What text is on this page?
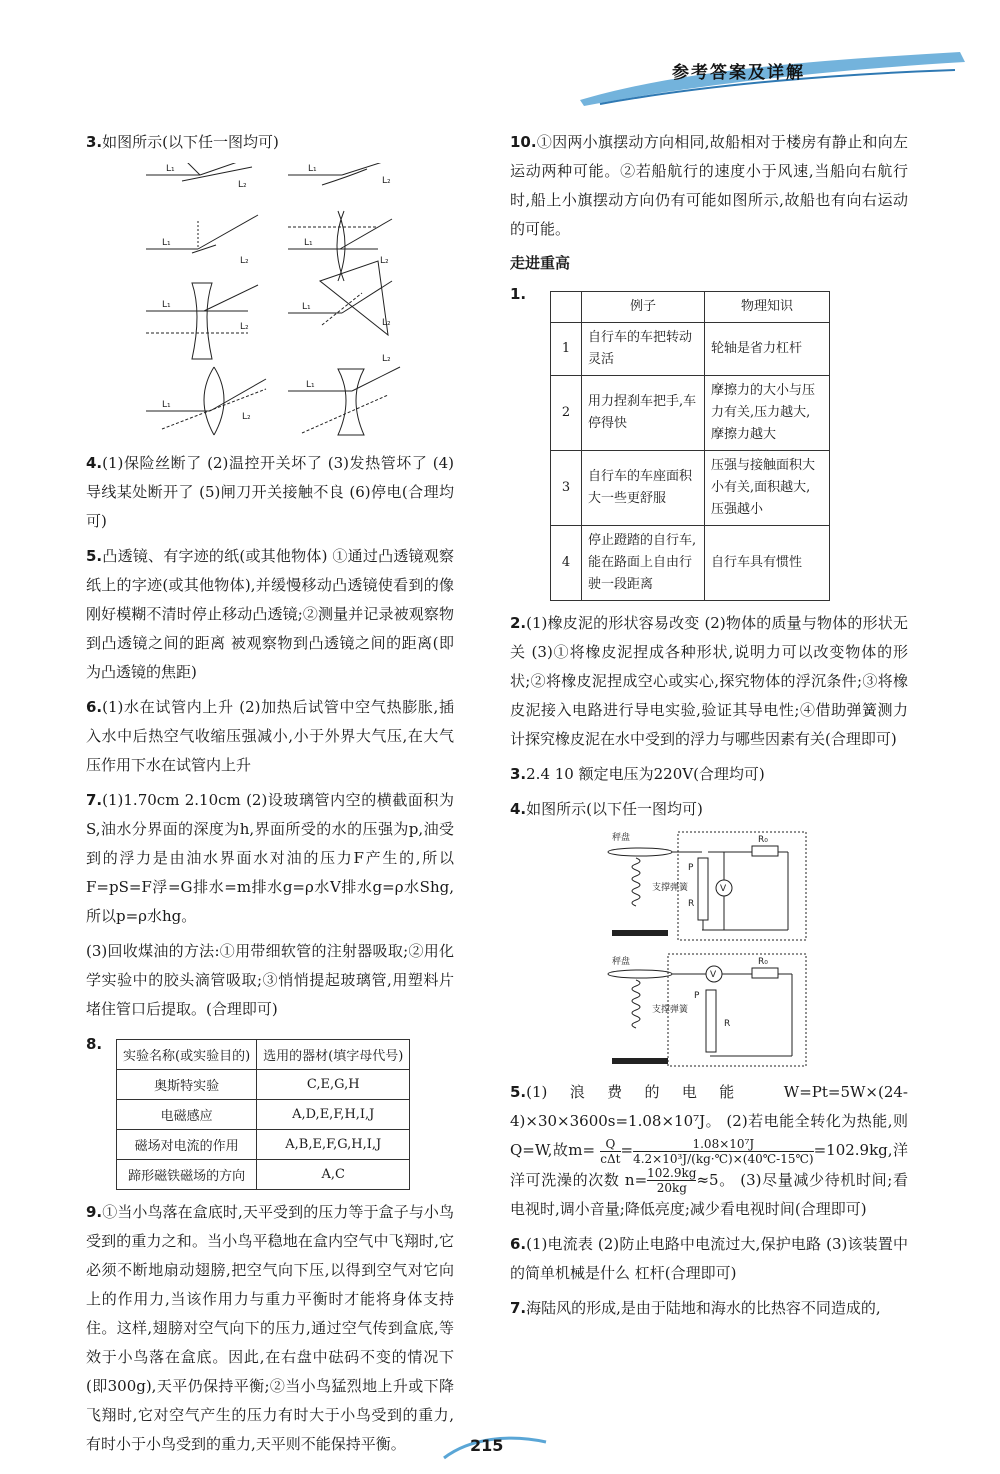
参考答案及详解

3.如图所示(以下任一图均可)

L₁
L₂
L₁
L₂
L₁
L₂
L₁
L₂
L₁
L₂
L₁
L₂
L₁
L₂
L₁
L₂

4.(1)保险丝断了 (2)温控开关坏了 (3)发热管坏了 (4)导线某处断开了 (5)闸刀开关接触不良 (6)停电(合理均可)

5.凸透镜、有字迹的纸(或其他物体) ①通过凸透镜观察纸上的字迹(或其他物体),并缓慢移动凸透镜使看到的像刚好模糊不清时停止移动凸透镜;②测量并记录被观察物到凸透镜之间的距离 被观察物到凸透镜之间的距离(即为凸透镜的焦距)

6.(1)水在试管内上升 (2)加热后试管中空气热膨胀,插入水中后热空气收缩压强减小,小于外界大气压,在大气压作用下水在试管内上升

7.(1)1.70cm 2.10cm (2)设玻璃管内空的横截面积为S,油水分界面的深度为h,界面所受的水的压强为p,油受到的浮力是由油水界面水对油的压力F产生的,所以F=pS=F浮=G排水=m排水g=ρ水V排水g=ρ水Shg,所以p=ρ水hg。

(3)回收煤油的方法:①用带细软管的注射器吸取;②用化学实验中的胶头滴管吸取;③悄悄提起玻璃管,用塑料片堵住管口后提取。(合理即可)

8.

实验名称(或实验目的)	选用的器材(填字母代号)
奥斯特实验	C,E,G,H
电磁感应	A,D,E,F,H,I,J
磁场对电流的作用	A,B,E,F,G,H,I,J
蹄形磁铁磁场的方向	A,C

9.①当小鸟落在盒底时,天平受到的压力等于盒子与小鸟受到的重力之和。当小鸟平稳地在盒内空气中飞翔时,它必须不断地扇动翅膀,把空气向下压,以得到空气对它向上的作用力,当该作用力与重力平衡时才能将身体支持住。这样,翅膀对空气向下的压力,通过空气传到盒底,等效于小鸟落在盒底。因此,在右盘中砝码不变的情况下(即300g),天平仍保持平衡;②当小鸟猛烈地上升或下降飞翔时,它对空气产生的压力有时大于小鸟受到的重力,有时小于小鸟受到的重力,天平则不能保持平衡。

10.①因两小旗摆动方向相同,故船相对于楼房有静止和向左运动两种可能。②若船航行的速度小于风速,当船向右航行时,船上小旗摆动方向仍有可能如图所示,故船也有向右运动的可能。

走进重高

1.

	例子	物理知识
1	自行车的车把转动灵活	轮轴是省力杠杆
2	用力捏刹车把手,车停得快	摩擦力的大小与压力有关,压力越大,摩擦力越大
3	自行车的车座面积大一些更舒服	压强与接触面积大小有关,面积越大,压强越小
4	停止蹬踏的自行车,能在路面上自由行驶一段距离	自行车具有惯性

2.(1)橡皮泥的形状容易改变 (2)物体的质量与物体的形状无关 (3)①将橡皮泥捏成各种形状,说明力可以改变物体的形状;②将橡皮泥捏成空心或实心,探究物体的浮沉条件;③将橡皮泥接入电路进行导电实验,验证其导电性;④借助弹簧测力计探究橡皮泥在水中受到的浮力与哪些因素有关(合理即可)

3.2.4 10 额定电压为220V(合理均可)

4.如图所示(以下任一图均可)

秤盘
支撑弹簧
R₀
V
P
R
秤盘
支撑弹簧
R₀
V
P
R

5.(1)浪费的电能 W=Pt=5W×(24-4)×30×3600s=1.08×10⁷J。 (2)若电能全转化为热能,则Q=W,故$m= \frac{Q}{\text{cΔt}} = \frac{\text{1.08×10⁷J}}{\text{4.2×10³J/(kg·℃)×(40℃-15℃)}} =102.9kg$,洋洋可洗澡的次数 $n= \frac{102.9kg}{20kg} \approx 5$。 (3)尽量减少待机时间;看电视时,调小音量;降低亮度;减少看电视时间(合理即可)

6.(1)电流表 (2)防止电路中电流过大,保护电路 (3)该装置中的简单机械是什么 杠杆(合理即可)

7.海陆风的形成,是由于陆地和海水的比热容不同造成的,

215
